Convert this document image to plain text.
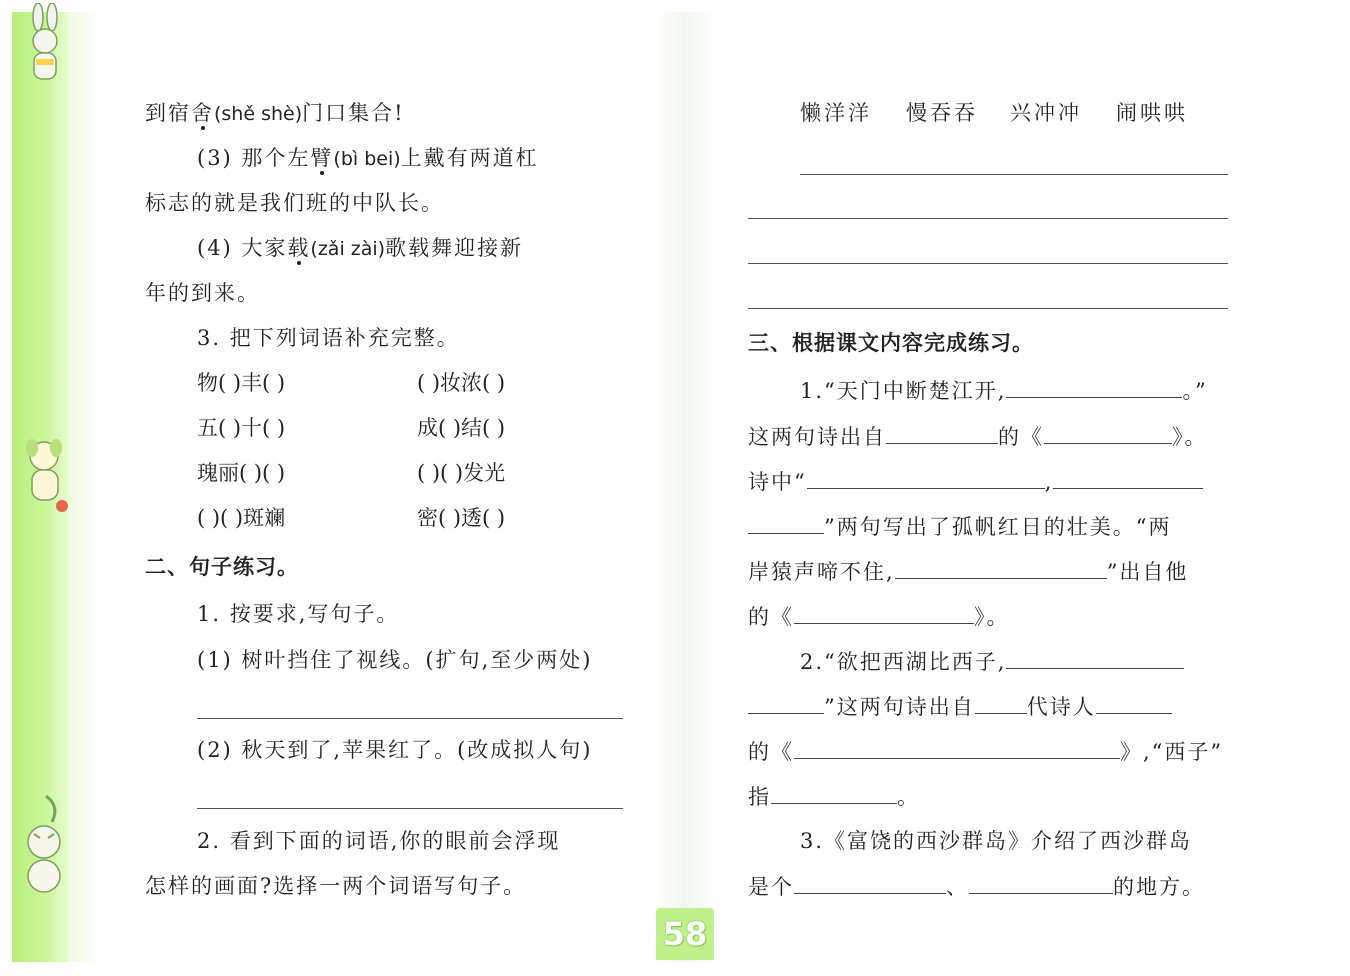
到宿舍(shě shè)门口集合!
(3) 那个左臂(bì bei)上戴有两道杠
标志的就是我们班的中队长。
(4) 大家载(zǎi zài)歌载舞迎接新
年的到来。
3. 把下列词语补充完整。
物( )丰( )	( )妆浓( )
五( )十( )	成( )结( )
瑰丽( )( )	( )( )发光
( )( )斑斓	密( )透( )
二、句子练习。
1. 按要求,写句子。
(1) 树叶挡住了视线。(扩句,至少两处)
(2) 秋天到了,苹果红了。(改成拟人句)
2. 看到下面的词语,你的眼前会浮现
怎样的画面?选择一两个词语写句子。
懒洋洋 慢吞吞 兴冲冲 闹哄哄
三、根据课文内容完成练习。
1.“天门中断楚江开,	。”
这两句诗出自	的《	》。
诗中“	,
”两句写出了孤帆红日的壮美。“两
岸猿声啼不住,	”出自他
的《	》。
2.“欲把西湖比西子,
”这两句诗出自 代诗人
的《	》,“西子”
指	。
3.《富饶的西沙群岛》介绍了西沙群岛
是个	、	的地方。
58
